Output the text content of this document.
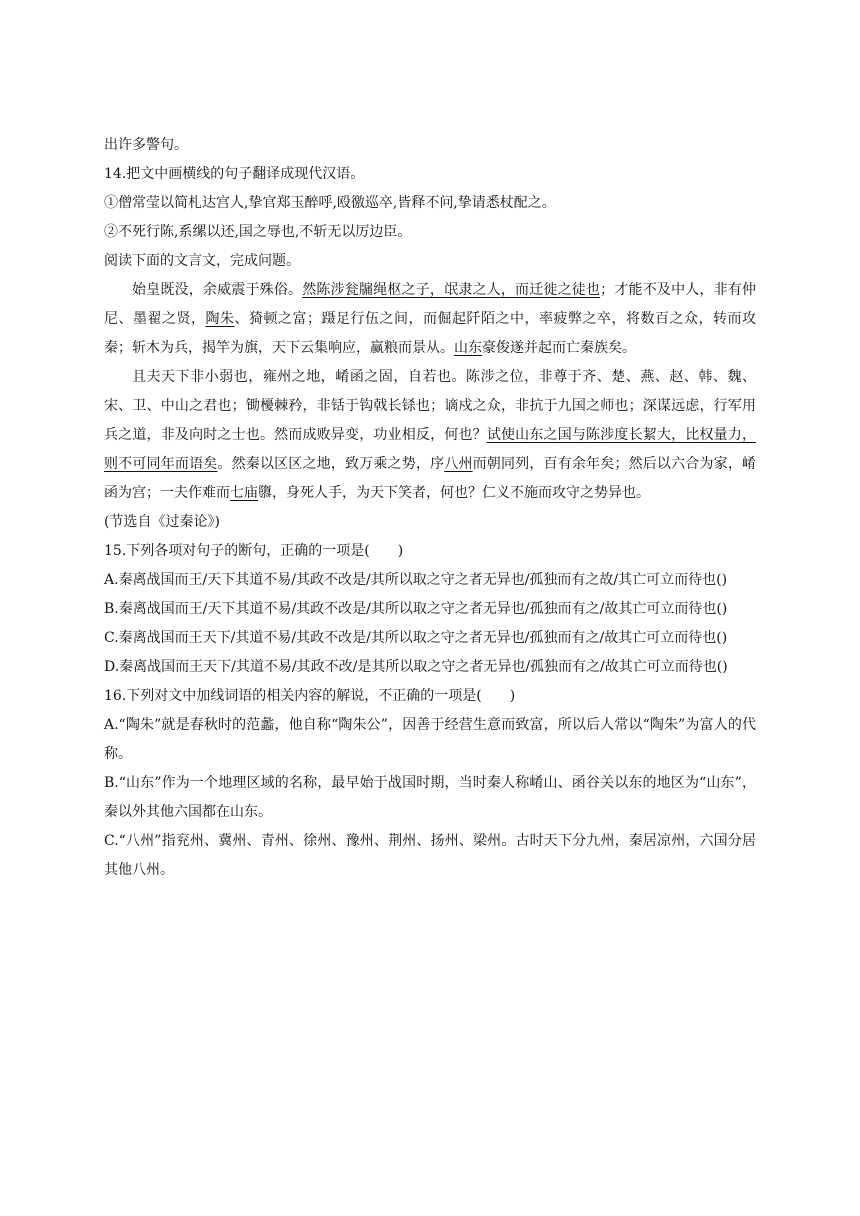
出许多警句。
14.把文中画横线的句子翻译成现代汉语。
①僧常莹以简札达宫人,挚官郑玉醉呼,殴徼巡卒,皆释不问,挚请悉杖配之。
②不死行陈,系缧以还,国之辱也,不斩无以厉边臣。
阅读下面的文言文，完成问题。
始皇既没，余威震于殊俗。然陈涉瓮牖绳枢之子，氓隶之人，而迁徙之徒也；才能不及中人，非有仲尼、墨翟之贤，陶朱、猗顿之富；蹑足行伍之间，而倔起阡陌之中，率疲弊之卒，将数百之众，转而攻秦；斩木为兵，揭竿为旗，天下云集响应，赢粮而景从。山东豪俊遂并起而亡秦族矣。
且夫天下非小弱也，雍州之地，崤函之固，自若也。陈涉之位，非尊于齐、楚、燕、赵、韩、魏、宋、卫、中山之君也；锄櫌棘矜，非铦于钩戟长铩也；谪戍之众，非抗于九国之师也；深谋远虑，行军用兵之道，非及向时之士也。然而成败异变，功业相反，何也？试使山东之国与陈涉度长絜大，比权量力，则不可同年而语矣。然秦以区区之地，致万乘之势，序八州而朝同列，百有余年矣；然后以六合为家，崤函为宫；一夫作难而七庙隳，身死人手，为天下笑者，何也？仁义不施而攻守之势异也。
(节选自《过秦论》)
15.下列各项对句子的断句，正确的一项是(　　)
A.秦离战国而王/天下其道不易/其政不改是/其所以取之守之者无异也/孤独而有之故/其亡可立而待也()
B.秦离战国而王/天下其道不易/其政不改是/其所以取之守之者无异也/孤独而有之/故其亡可立而待也()
C.秦离战国而王天下/其道不易/其政不改是/其所以取之守之者无异也/孤独而有之/故其亡可立而待也()
D.秦离战国而王天下/其道不易/其政不改/是其所以取之守之者无异也/孤独而有之/故其亡可立而待也()
16.下列对文中加线词语的相关内容的解说，不正确的一项是(　　)
A.“陶朱”就是春秋时的范蠡，他自称“陶朱公”，因善于经营生意而致富，所以后人常以“陶朱”为富人的代称。
B.“山东”作为一个地理区域的名称，最早始于战国时期，当时秦人称崤山、函谷关以东的地区为“山东”，秦以外其他六国都在山东。
C.“八州”指兖州、冀州、青州、徐州、豫州、荆州、扬州、梁州。古时天下分九州，秦居凉州，六国分居其他八州。
